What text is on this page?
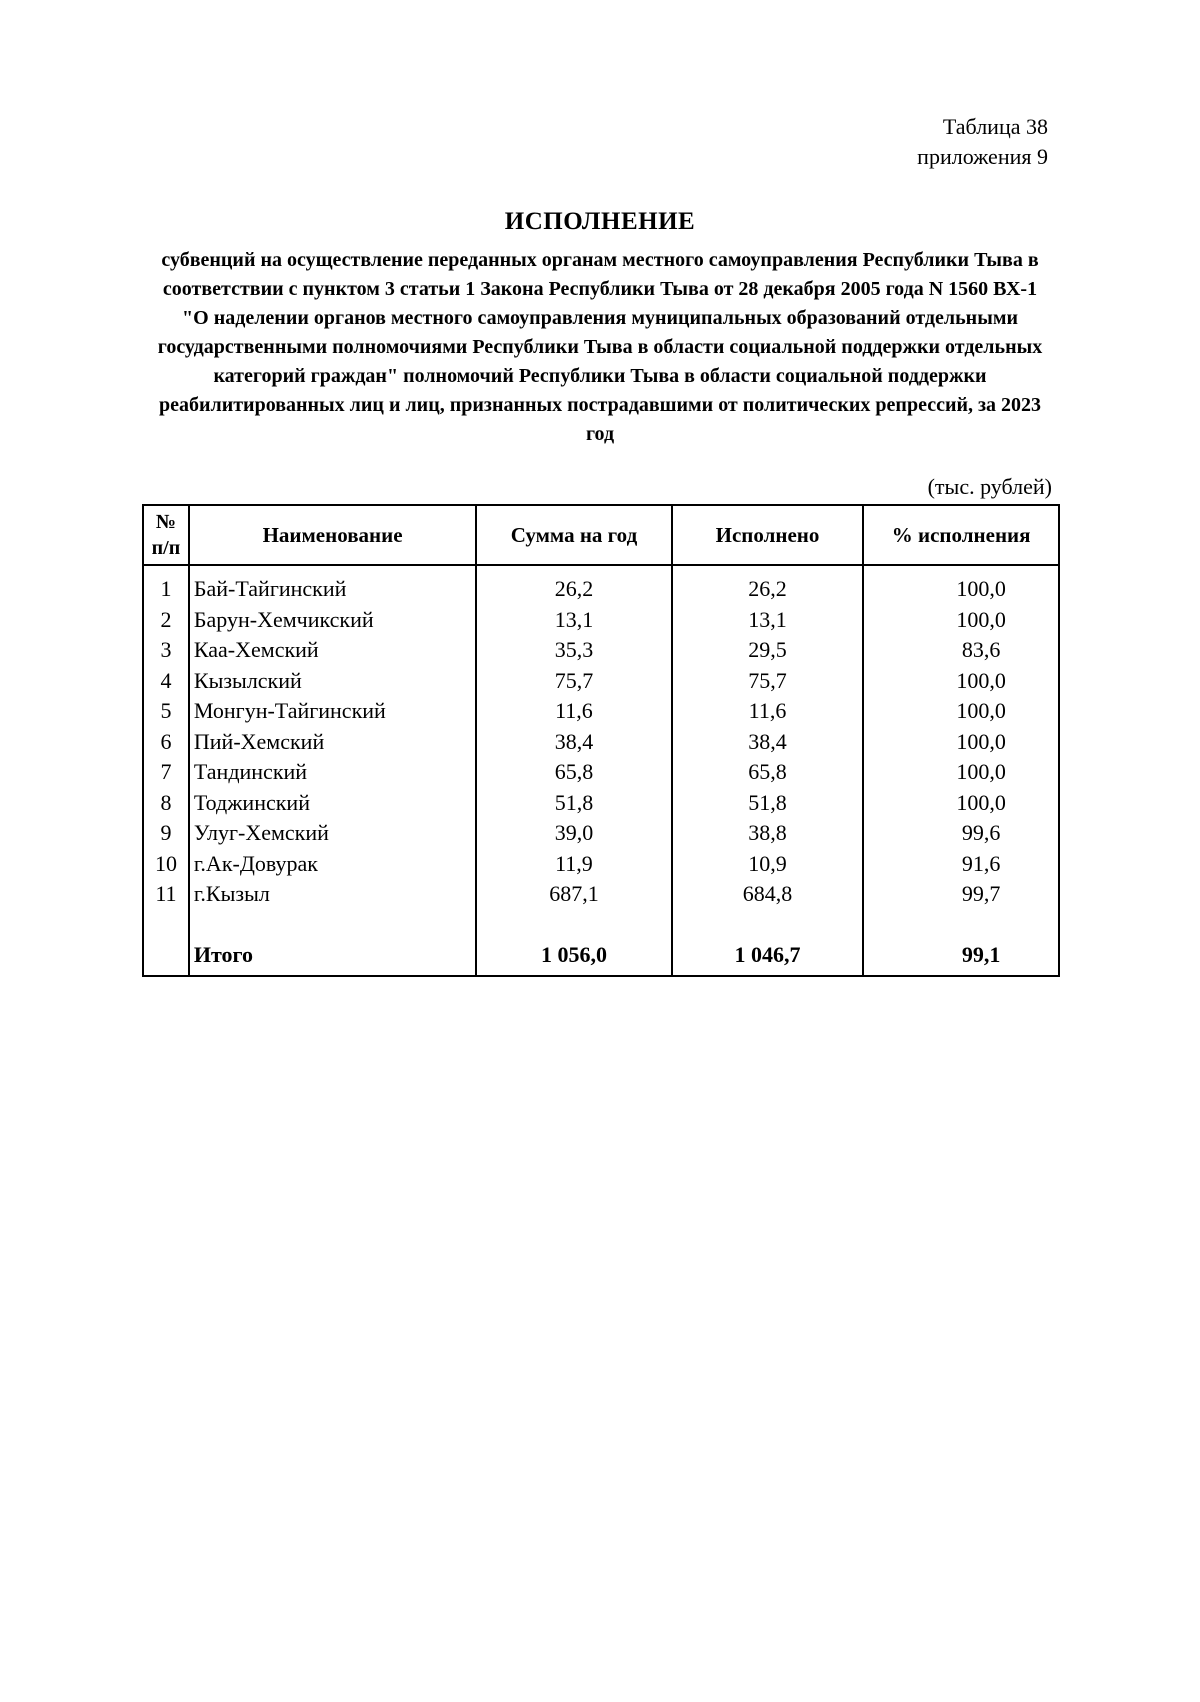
Таблица 38
приложения 9
ИСПОЛНЕНИЕ
субвенций на осуществление переданных органам местного самоуправления Республики Тыва в соответствии с пунктом 3 статьи 1 Закона Республики Тыва от 28 декабря 2005 года N 1560 ВХ-1 "О наделении органов местного самоуправления муниципальных образований отдельными государственными полномочиями Республики Тыва в области социальной поддержки отдельных категорий граждан" полномочий Республики Тыва в области социальной поддержки реабилитированных лиц и лиц, признанных пострадавшими от политических репрессий, за 2023 год
(тыс. рублей)
№
п/п	Наименование	Сумма на год	Исполнено	% исполнения
1	Бай-Тайгинский	26,2	26,2	100,0
2	Барун-Хемчикский	13,1	13,1	100,0
3	Каа-Хемский	35,3	29,5	83,6
4	Кызылский	75,7	75,7	100,0
5	Монгун-Тайгинский	11,6	11,6	100,0
6	Пий-Хемский	38,4	38,4	100,0
7	Тандинский	65,8	65,8	100,0
8	Тоджинский	51,8	51,8	100,0
9	Улуг-Хемский	39,0	38,8	99,6
10	г.Ак-Довурак	11,9	10,9	91,6
11	г.Кызыл	687,1	684,8	99,7

	Итого	1 056,0	1 046,7	99,1
